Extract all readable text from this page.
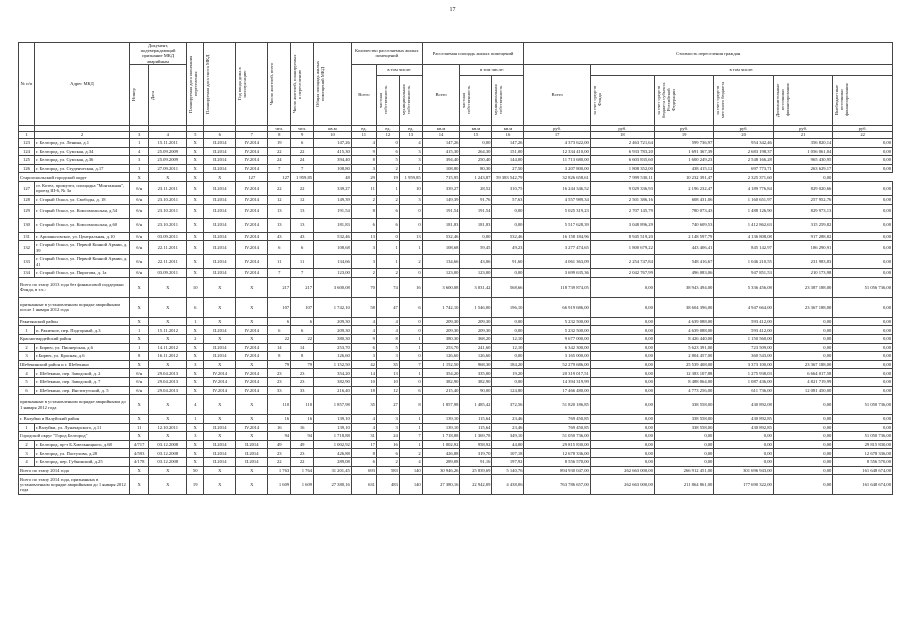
17
№ п/п	Адрес МКД	Документ, подтверждающий признание МКД аварийным		Планируемая дата окончания переселения	Планируемая дата сноса МКД	Год ввода дома в эксплуатацию	Число жителей, всего	Число жителей, планируемых к переселению	Общая площадь жилых помещений МКД	Количество расселяемых жилых помещений			Расселяемая площадь жилых помещений			Стоимость переселения граждан					

		Номер	Дата							Всего	в том числе:		Всего	в том числе:		Всего	в том числе:				

											частная собственность	муниципальная собственность		частная собственность	муниципальная собственность		за счет средств Фонда	за счет средств бюджета субъекта Российской Федерации	за счет средств местного бюджета	Дополнительные источники финансирования	Внебюджетные источники финансирования

							чел.	чел.	кв.м	ед.	ед.	ед.	кв.м	кв.м	кв.м	руб.	руб.	руб.	руб.	руб.	руб.
1	2	3	4	5	6	7	8	9	10	11	12	13	14	15	16	17	18	19	20	21	22
123	г. Белгород, ул. Ленина, д.1	1	15.11.2011	X	II.2014	IV.2014	19	6	147,26	4	0	4	147,26	0,00	147,26	4 373 622,00	2 463 721,64	599 736,97	954 342,46	356 820,14	0,00
124	г. Белгород, ул. Сумская, д.34	4	25.09.2009	X	II.2014	IV.2014	22	22	415,30	9	6	3	415,30	264,30	151,00	12 334 410,00	6 933 783,20	1 691 367,39	2 683 198,37	1 056 061,04	0,00
125	г. Белгород, ул. Сумская, д.36	3	25.09.2009	X	II.2014	IV.2014	24	24	394,40	8	5	3	394,40	250,40	144,00	11 713 680,00	6 603 835,60	1 600 249,23	2 548 166,28	965 430,95	0,00
126	г. Белгород, ул. Студенческая, д.17	1	27.09.2011	X	II.2014	IV.2014	7	7	108,80	3	2	1	108,80	80,30	27,50	3 207 800,00	1 808 352,00	438 415,12	697 773,71	263 629,17	0,00
Старооскольский городской округ		X	X	X	X	127	127	1 959,85	48	29	19	1 959,85	715,95	1 243,87	59 383 542,79	32 826 658,61	7 999 530,11	10 232 391,47	2 325 371,60	0,00	
127	ст. Котел, промузел, площадка "Монтажная", проезд Ш-6, № 3а	б/н	23.11.2011	X	II.2014	IV.2014	22	22	339,27	11	1	10	339,27	28,52	310,75	16 244 346,52	9 029 336,93	2 196 232,47	4 189 776,84	829 020,66	0,00
128	г. Старый Оскол, ул. Свободы, д. 18	б/н	23.10.2011	X	II.2014	IV.2014	12	12	149,39	2	2	3	149,39	91,76	57,63	4 557 989,34	2 501 386,16	608 431,06	1 160 651,97	257 952,76	0,00
129	г. Старый Оскол, ул. Комсомольская, д.54	б/н	23.10.2011	X	II.2014	IV.2014	13	13	191,54	8	6	0	191,54	191,54	0,00	5 025 319,23	2 707 145,79	780 073,43	1 488 126,90	829 973,13	0,00
130	г. Старый Оскол, ул. Комсомольская, д.60	б/н	23.10.2011	X	II.2014	IV.2014	13	13	181,83	6	6	0	181,83	181,83	0,00	5 517 628,39	3 048 896,29	740 609,53	1 412 862,63	315 259,82	0,00
131	г. Аршаньговское, ул. Центральная, д.10	б/н	03.09.2011	X	II.2014	IV.2014	43	43	532,46	13	0	13	532,46	0,00	532,46	16 158 184,96	8 945 519,20	2 148 597,79	4 136 808,08	917 288,82	0,00
132	г. Старый Оскол, ул. Первой Конной Армии, д. 39	б/н	22.11.2011	X	II.2014	IV.2014	6	6	108,68	3	1	1	108,68	59,45	49,23	3 277 474,65	1 800 679,22	443 406,41	845 142,97	186 290,91	0,00
133	г. Старый Оскол, ул. Первой Конной Армии, д. 41	б/н	22.11.2011	X	II.2014	IV.2014	11	11	134,66	3	1	2	134,66	43,06	91,60	4 061 363,09	2 254 747,84	548 416,67	1 046 210,55	231 983,83	0,00
134	г. Старый Оскол, ул. Пирогова, д. 1а	б/н	03.09.2011	X	II.2014	IV.2014	7	7	123,00	2	2	0	123,00	123,00	0,00	3 699 635,36	2 042 767,99	496 083,06	947 851,53	210 173,98	0,00
Всего по этапу 2013 года без финансовой поддержки Фонда, в т.ч.:		X	X	10	X	X	217	217	3 600,08	70	74	16	3 600,08	3 031,42	568,66	118 739 874,05	0,00	38 943 494,00	5 336 456,08	23 387 188,00	51 056 736,00
признанные в установленном порядке аварийными после 1 января 2012 года		X	X	6	X	X	107	107	1 742,10	58	47	6	1 742,10	1 546,00	196,10	66 919 686,00	0,00	38 604 396,00	4 947 664,00	23 367 188,00	0,00
Ракитянский район		X	X	1	X	X	6	6	209,30	4	4	0	209,30	209,30	0,00	5 232 500,00	0,00	4 639 088,00	593 412,00	0,00	0,00
1	п. Ракитное, пер. Подгорный, д.3	1	15.11.2012	X	II.2014	IV.2014	6	6	209,30	4	4	0	209,30	209,30	0,00	5 232 500,00	0,00	4 639 088,00	593 412,00	0,00	0,00
Красногвардейский район		X	X	2	X	X	22	22	380,30	9	8	1	380,30	368,20	12,10	9 677 000,00	0,00	8 426 440,00	1 150 560,00	0,00	0,00
2	г. Бирюч, ул. Пионерская, д.6	1	14.11.2012	X	II.2014	IV.2014	14	14	253,70	6	5	1	253,70	241,60	12,10	6 342 300,00	0,00	5 623 391,00	723 509,00	0,00	0,00
3	г.Бирюч, ул. Красная, д.6	8	16.11.2012	X	II.2014	IV.2014	8	8	126,60	3	3	0	126,60	126,60	0,00	3 165 000,00	0,00	2 804 457,00	360 543,00	0,00	0,00
Шебекинский район и г. Шебекино		X	X	3	X	X	79	79	1 152,50	42	35	7	1 152,50	968,30	184,20	52 279 686,00	0,00	25 539 408,00	3 373 100,00	23 367 188,00	0,00
4	г. Шебекино, пер. Заводской, д. 2	б/н	29.04.2013	X	IV.2014	IV.2014	23	23	354,20	14	13	1	354,20	335,00	19,20	20 319 017,51	0,00	12 383 107,88	1 275 938,03	6 664 017,58	0,00
5	г. Шебекино, пер. Заводской, д. 7	б/н	29.04.2013	X	IV.2014	IV.2014	23	23	382,90	10	10	0	382,90	382,90	0,00	14 394 319,99	0,00	8 488 064,00	1 087 436,00	4 821 719,99	0,00
6	г. Шебекино, пер. Институтский, д. 5	б/н	29.04.2013	X	IV.2014	IV.2014	33	33	216,40	18	12	6	215,40	90,00	124,80	17 466 480,00	0,00	4 773 256,00	611 736,00	12 081 450,00	0,00
признанные в установленном порядке аварийными до 1 января 2012 года		X	X	4	X	X	110	110	1 857,98	35	27	8	1 857,98	1 485,42	372,56	51 820 186,85	0,00	338 558,00	430 892,08	0,00	51 050 736,00
г. Валуйки и Валуйский район		X	X	1	X	X	16	16	139,10	4	3	1	139,10	115,64	23,46	769 450,85	0,00	338 558,00	430 892,85	0,00	0,00
1	г.Валуйки, ул. Луначарского, д.11	11	12.10.2011	X	II.2014	IV.2014	16	16	139,10	4	3	1	139,10	115,64	23,46	769 450,85	0,00	338 558,00	430 892,85	0,00	0,00
Городской округ "Город Белгород"		X	X	3	X	X	94	94	1 718,88	31	24	7	1 718,88	1 369,78	349,10	51 050 736,00	0,00	0,00	0,00	0,00	51 050 736,00
2	г. Белгород, пр-т Б.Хмельницкого, д.68	4/717	03.12.2008	X	II.2014	II.2014	49	49	1 002,92	17	16	1	1 002,92	958,92	44,00	29 815 830,00	0,00	0,00	0,00	0,00	29 815 830,00
3	г. Белгород, ул. Пастухова, д.28	4/593	03.12.2008	X	II.2014	II.2014	23	23	426,88	8	6	2	426,88	319,70	107,18	12 678 336,00	0,00	0,00	0,00	0,00	12 678 336,00
4	г. Белгород, пер. Губкинский, д.25	4/178	03.12.2008	X	II.2014	II.2014	22	22	289,08	6	2	4	289,08	91,16	197,92	8 556 570,00	0,00	0,00	0,00	0,00	8 556 570,00
Всего по этапу 2014 года		X	X	50	X	X	1 763	1 764	31 201,45	693	583	140	30 946,26	25 839,69	5 140,76	894 930 047,00	262 663 000,00	266 912 451,00	301 696 943,00	0,00	161 648 674,00
Всего по этапу 2014 года, признанных в установленном порядке аварийными до 1 января 2012 года		X	X	19	X	X	1 609	1 609	27 380,16	631	483	140	27 380,16	22 942,09	4 438,06	763 786 657,00	262 663 000,00	211 864 861,00	177 690 322,00	0,00	161 648 674,00
